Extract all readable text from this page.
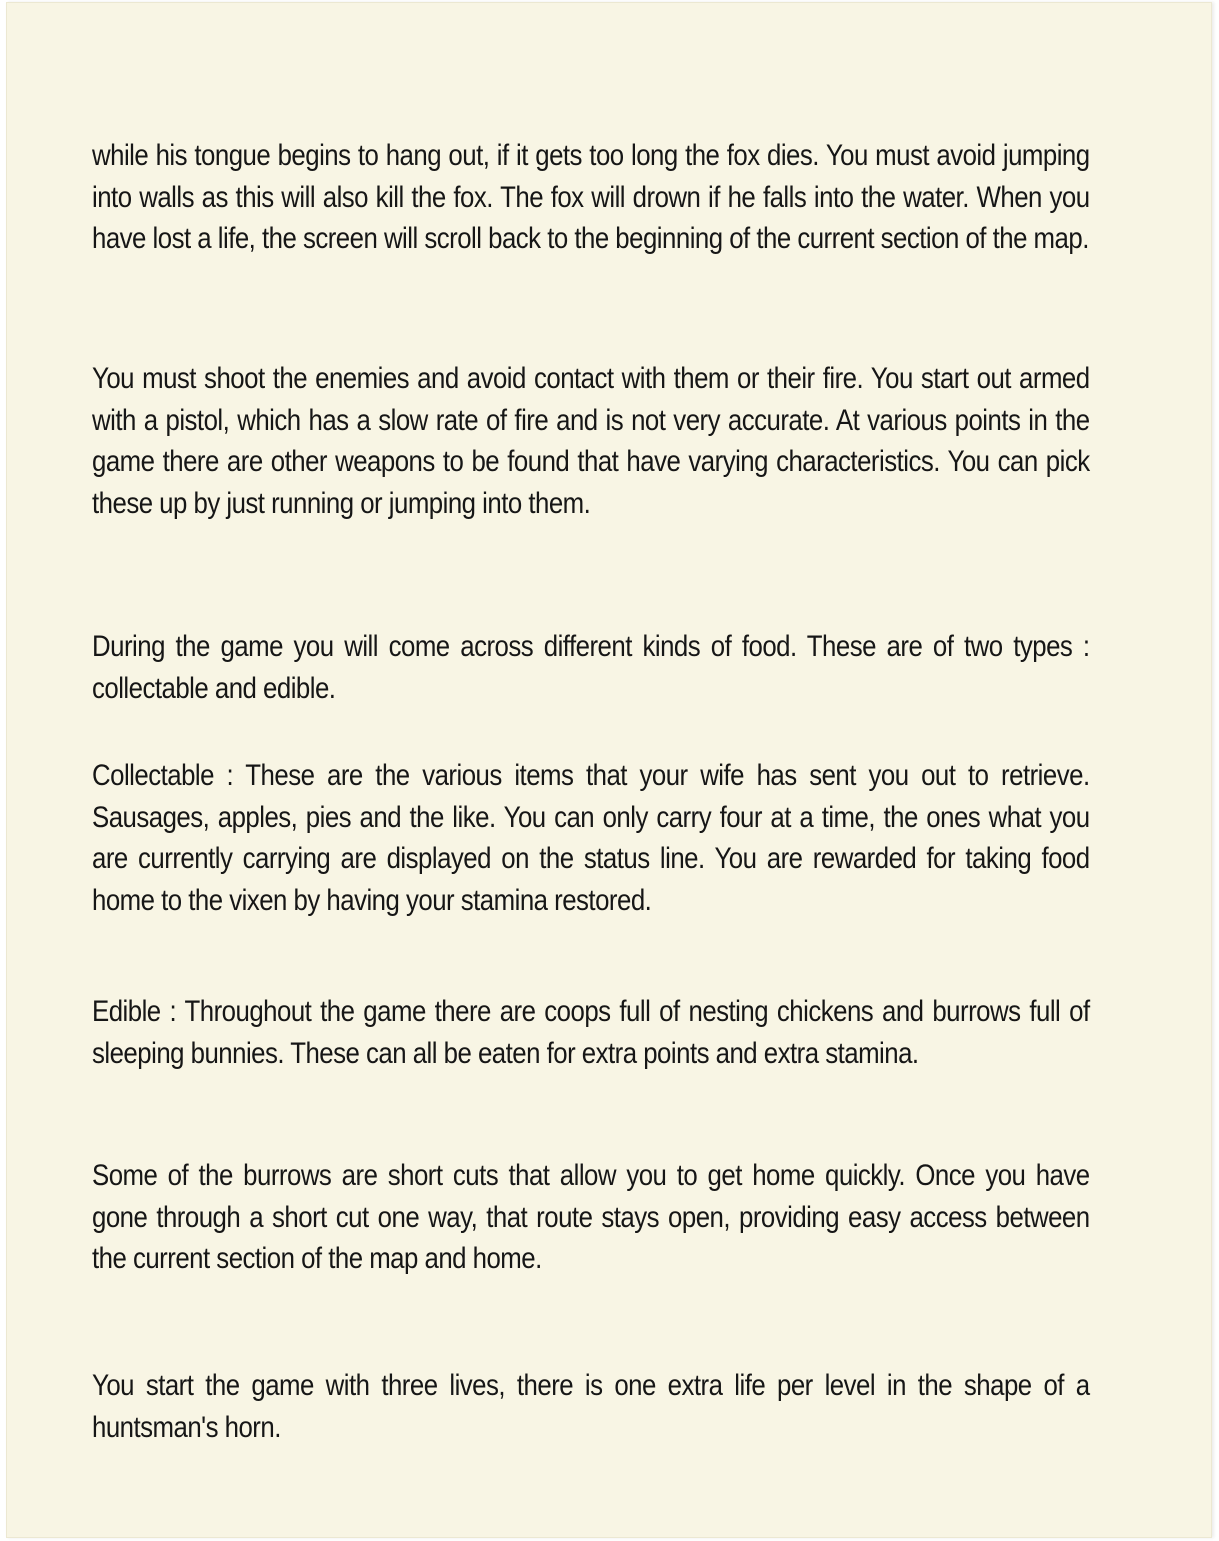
while his tongue begins to hang out, if it gets too long the fox dies. You must avoid jumping into walls as this will also kill the fox. The fox will drown if he falls into the water. When you have lost a life, the screen will scroll back to the beginning of the current section of the map.

You must shoot the enemies and avoid contact with them or their fire. You start out armed with a pistol, which has a slow rate of fire and is not very accurate. At various points in the game there are other weapons to be found that have varying characteristics. You can pick these up by just running or jumping into them.

During the game you will come across different kinds of food. These are of two types : collectable and edible.

Collectable : These are the various items that your wife has sent you out to retrieve. Sausages, apples, pies and the like. You can only carry four at a time, the ones what you are currently carrying are displayed on the status line. You are rewarded for taking food home to the vixen by having your stamina restored.

Edible : Throughout the game there are coops full of nesting chickens and burrows full of sleeping bunnies. These can all be eaten for extra points and extra stamina.

Some of the burrows are short cuts that allow you to get home quickly. Once you have gone through a short cut one way, that route stays open, providing easy access between the current section of the map and home.

You start the game with three lives, there is one extra life per level in the shape of a huntsman's horn.
